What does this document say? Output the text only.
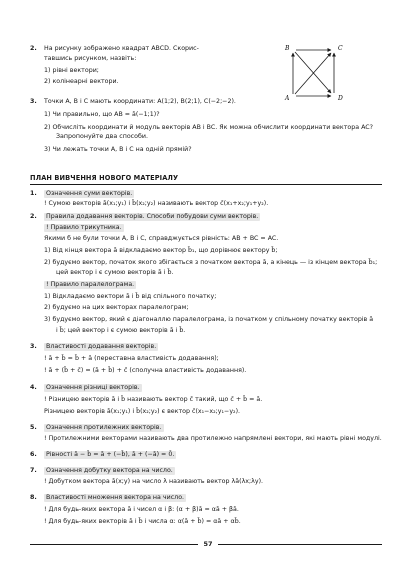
2. На рисунку зображено квадрат ABCD. Скорис-
тавшись рисунком, назвіть:
1) рівні вектори;
2) колінеарні вектори.
B	C
A	D
3. Точки A, B і C мають координати: A(1;2), B(2;1), C(−2;−2).
1) Чи правильно, що AB = ā(−1;1)?
2) Обчисліть координати й модуль векторів AB і BC. Як можна обчислити координати вектора AC?
Запропонуйте два способи.
3) Чи лежать точки A, B і C на одній прямій?
ПЛАН ВИВЧЕННЯ НОВОГО МАТЕРІАЛУ
1.	Означення суми векторів.
! Сумою векторів ā(x₁;y₁) і b̄(x₂;y₂) називають вектор c̄(x₁+x₂;y₁+y₂).
2.	Правила додавання векторів. Способи побудови суми векторів.
! Правило трикутника.
Якими б не були точки A, B і C, справджується рівність: AB + BC = AC.
1) Від кінця вектора ā відкладаємо вектор b̄₁, що дорівнює вектору b̄;
2) будуємо вектор, початок якого збігається з початком вектора ā, а кінець — із кінцем вектора b̄₁;
цей вектор і є сумою векторів ā і b̄.
! Правило паралелограма.
1) Відкладаємо вектори ā і b̄ від спільного початку;
2) будуємо на цих векторах паралелограм;
3) будуємо вектор, який є діагоналлю паралелограма, із початком у спільному початку векторів ā
і b̄; цей вектор і є сумою векторів ā і b̄.
3.	Властивості додавання векторів.
! ā + b̄ = b̄ + ā (переставна властивість додавання);
! ā + (b̄ + c̄) = (ā + b̄) + c̄ (сполучна властивість додавання).
4.	Означення різниці векторів.
! Різницею векторів ā і b̄ називають вектор c̄ такий, що c̄ + b̄ = ā.
Різницею векторів ā(x₁;y₁) і b̄(x₂;y₂) є вектор c̄(x₁−x₂;y₁−y₂).
5.	Означення протилежних векторів.
! Протилежними векторами називають два протилежно напрямлені вектори, які мають рівні модулі.
6.	Рівності ā − b̄ = ā + (−b̄), ā + (−ā) = 0̄.
7.	Означення добутку вектора на число.
! Добутком вектора ā(x;y) на число λ називають вектор λā(λx;λy).
8.	Властивості множення вектора на число.
! Для будь-яких вектора ā і чисел α і β: (α + β)ā = αā + βā.
! Для будь-яких векторів ā і b̄ і числа α: α(ā + b̄) = αā + αb̄.
57
